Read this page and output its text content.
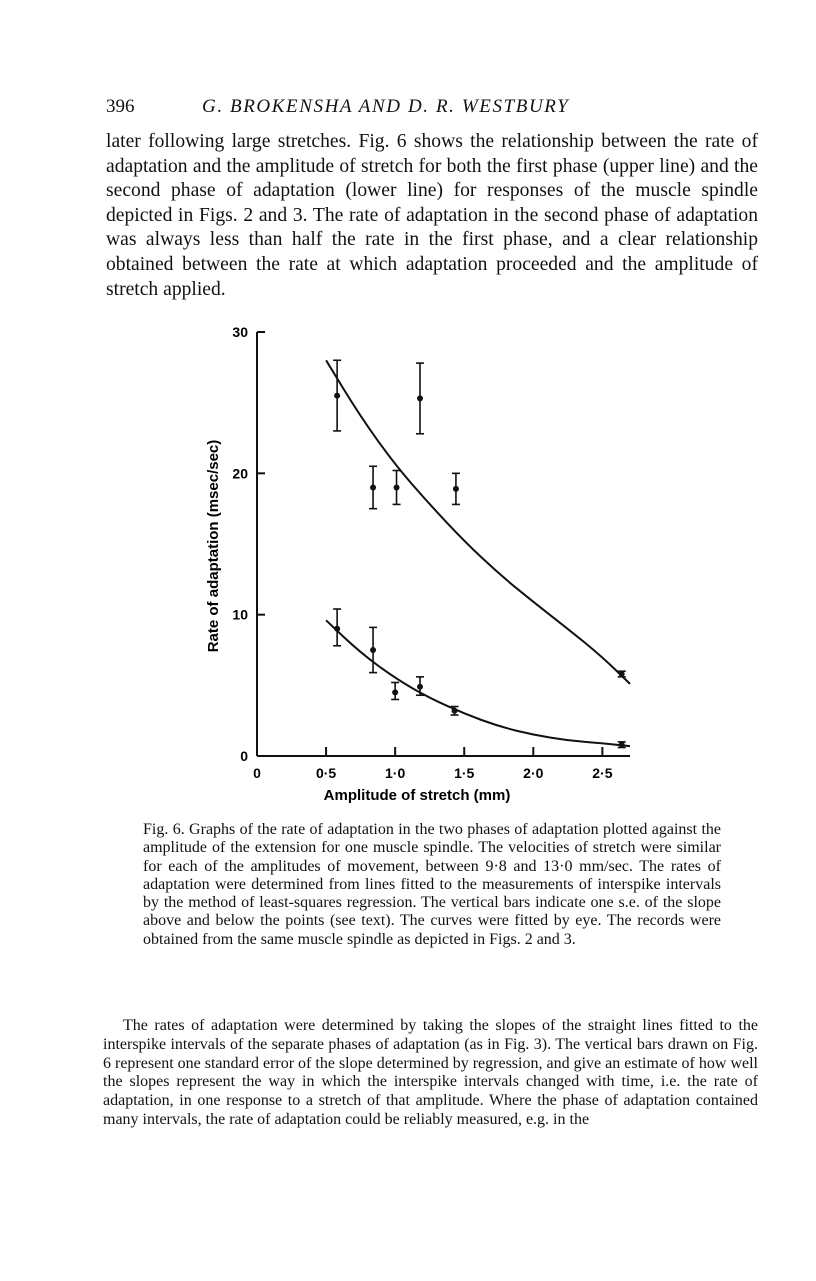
396	G. BROKENSHA AND D. R. WESTBURY

later following large stretches. Fig. 6 shows the relationship between the rate of adaptation and the amplitude of stretch for both the first phase (upper line) and the second phase of adaptation (lower line) for responses of the muscle spindle depicted in Figs. 2 and 3. The rate of adaptation in the second phase of adaptation was always less than half the rate in the first phase, and a clear relationship obtained between the rate at which adaptation proceeded and the amplitude of stretch applied.

0
10
20
30
0	0·5	1·0	1·5	2·0	2·5
Amplitude of stretch (mm)
Rate of adaptation (msec/sec)

Fig. 6. Graphs of the rate of adaptation in the two phases of adaptation plotted against the amplitude of the extension for one muscle spindle. The velocities of stretch were similar for each of the amplitudes of movement, between 9·8 and 13·0 mm/sec. The rates of adaptation were determined from lines fitted to the measurements of interspike intervals by the method of least-squares regression. The vertical bars indicate one s.e. of the slope above and below the points (see text). The curves were fitted by eye. The records were obtained from the same muscle spindle as depicted in Figs. 2 and 3.

The rates of adaptation were determined by taking the slopes of the straight lines fitted to the interspike intervals of the separate phases of adaptation (as in Fig. 3). The vertical bars drawn on Fig. 6 represent one standard error of the slope determined by regression, and give an estimate of how well the slopes represent the way in which the interspike intervals changed with time, i.e. the rate of adaptation, in one response to a stretch of that amplitude. Where the phase of adaptation contained many intervals, the rate of adaptation could be reliably measured, e.g. in the
